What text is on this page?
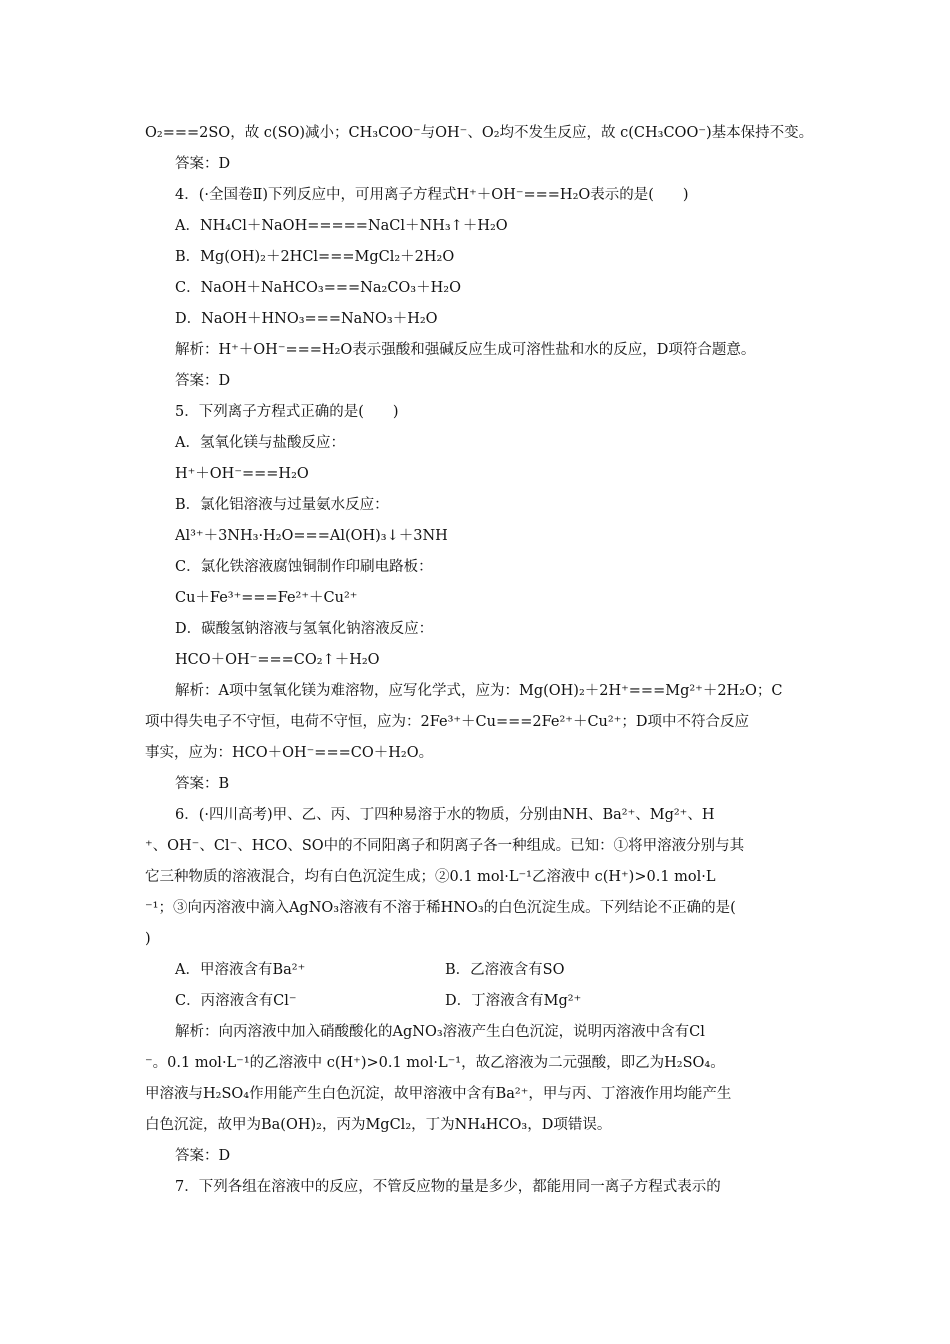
O₂===2SO，故 c(SO)减小；CH₃COO⁻与OH⁻、O₂均不发生反应，故 c(CH₃COO⁻)基本保持不变。
答案：D
4．(·全国卷Ⅱ)下列反应中，可用离子方程式H⁺＋OH⁻===H₂O表示的是(　　)
A．NH₄Cl＋NaOH=====NaCl＋NH₃↑＋H₂O
B．Mg(OH)₂＋2HCl===MgCl₂＋2H₂O
C．NaOH＋NaHCO₃===Na₂CO₃＋H₂O
D．NaOH＋HNO₃===NaNO₃＋H₂O
解析：H⁺＋OH⁻===H₂O表示强酸和强碱反应生成可溶性盐和水的反应，D项符合题意。
答案：D
5．下列离子方程式正确的是(　　)
A．氢氧化镁与盐酸反应：
H⁺＋OH⁻===H₂O
B．氯化铝溶液与过量氨水反应：
Al³⁺＋3NH₃·H₂O===Al(OH)₃↓＋3NH
C．氯化铁溶液腐蚀铜制作印刷电路板：
Cu＋Fe³⁺===Fe²⁺＋Cu²⁺
D．碳酸氢钠溶液与氢氧化钠溶液反应：
HCO＋OH⁻===CO₂↑＋H₂O
解析：A项中氢氧化镁为难溶物，应写化学式，应为：Mg(OH)₂＋2H⁺===Mg²⁺＋2H₂O；C
项中得失电子不守恒，电荷不守恒，应为：2Fe³⁺＋Cu===2Fe²⁺＋Cu²⁺；D项中不符合反应
事实，应为：HCO＋OH⁻===CO＋H₂O。
答案：B
6．(·四川高考)甲、乙、丙、丁四种易溶于水的物质，分别由NH、Ba²⁺、Mg²⁺、H
⁺、OH⁻、Cl⁻、HCO、SO中的不同阳离子和阴离子各一种组成。已知：①将甲溶液分别与其
它三种物质的溶液混合，均有白色沉淀生成；②0.1 mol·L⁻¹乙溶液中 c(H⁺)>0.1 mol·L
⁻¹；③向丙溶液中滴入AgNO₃溶液有不溶于稀HNO₃的白色沉淀生成。下列结论不正确的是(
)
A．甲溶液含有Ba²⁺	B．乙溶液含有SO
C．丙溶液含有Cl⁻	D．丁溶液含有Mg²⁺
解析：向丙溶液中加入硝酸酸化的AgNO₃溶液产生白色沉淀，说明丙溶液中含有Cl
⁻。0.1 mol·L⁻¹的乙溶液中 c(H⁺)>0.1 mol·L⁻¹，故乙溶液为二元强酸，即乙为H₂SO₄。
甲溶液与H₂SO₄作用能产生白色沉淀，故甲溶液中含有Ba²⁺，甲与丙、丁溶液作用均能产生
白色沉淀，故甲为Ba(OH)₂，丙为MgCl₂，丁为NH₄HCO₃，D项错误。
答案：D
7．下列各组在溶液中的反应，不管反应物的量是多少，都能用同一离子方程式表示的
